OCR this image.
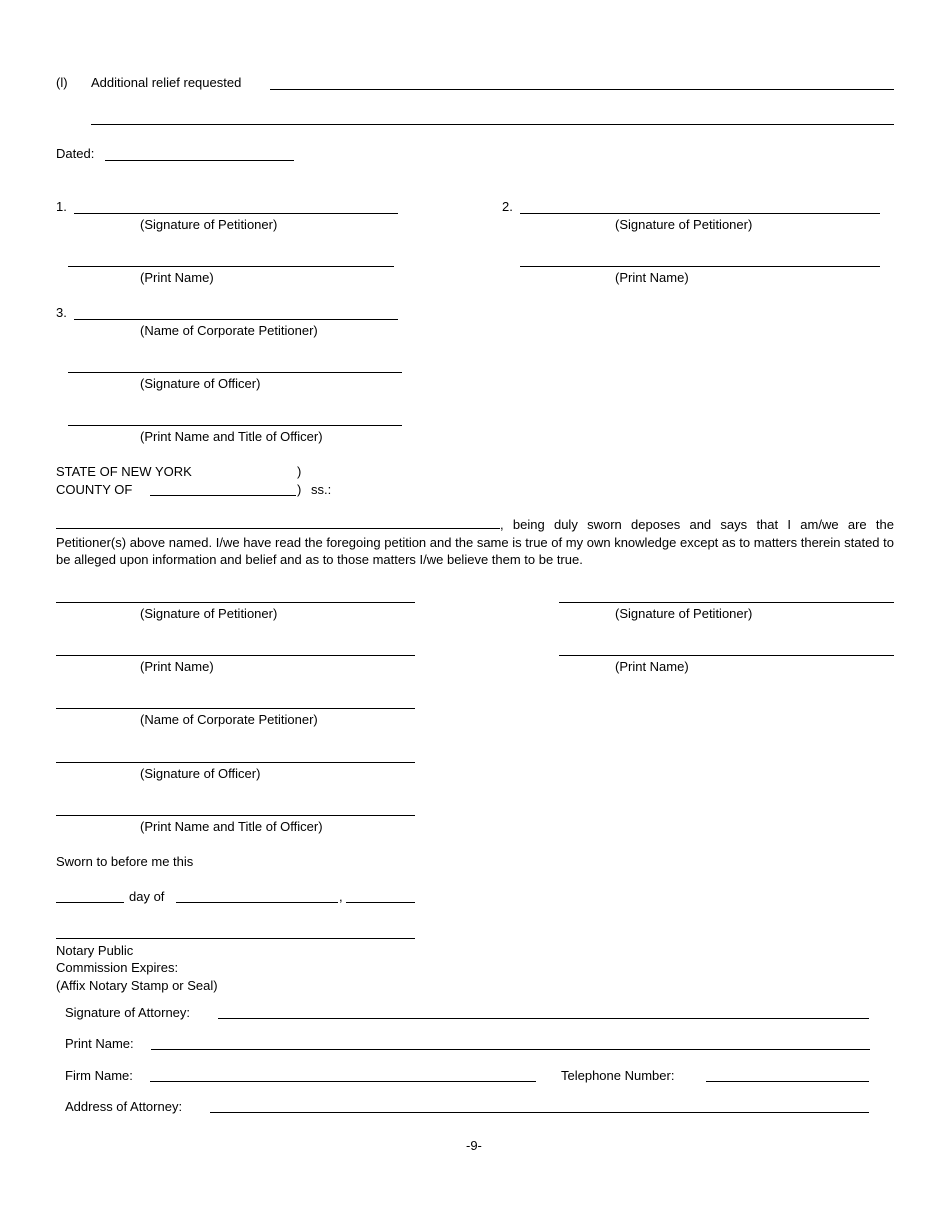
(l) Additional relief requested
Dated:
1.
(Signature of Petitioner)
(Print Name)
2.
(Signature of Petitioner)
(Print Name)
3.
(Name of Corporate Petitioner)
(Signature of Officer)
(Print Name and Title of Officer)
STATE OF NEW YORK	)
COUNTY OF	) ss.:
, being duly sworn deposes and says that I am/we are the Petitioner(s) above named. I/we have read the foregoing petition and the same is true of my own knowledge except as to matters therein stated to be alleged upon information and belief and as to those matters I/we believe them to be true.
(Signature of Petitioner)
(Print Name)
(Signature of Petitioner)
(Print Name)
(Name of Corporate Petitioner)
(Signature of Officer)
(Print Name and Title of Officer)
Sworn to before me this
day of	,
Notary Public
Commission Expires:
(Affix Notary Stamp or Seal)
Signature of Attorney:
Print Name:
Firm Name:	Telephone Number:
Address of Attorney:
-9-
